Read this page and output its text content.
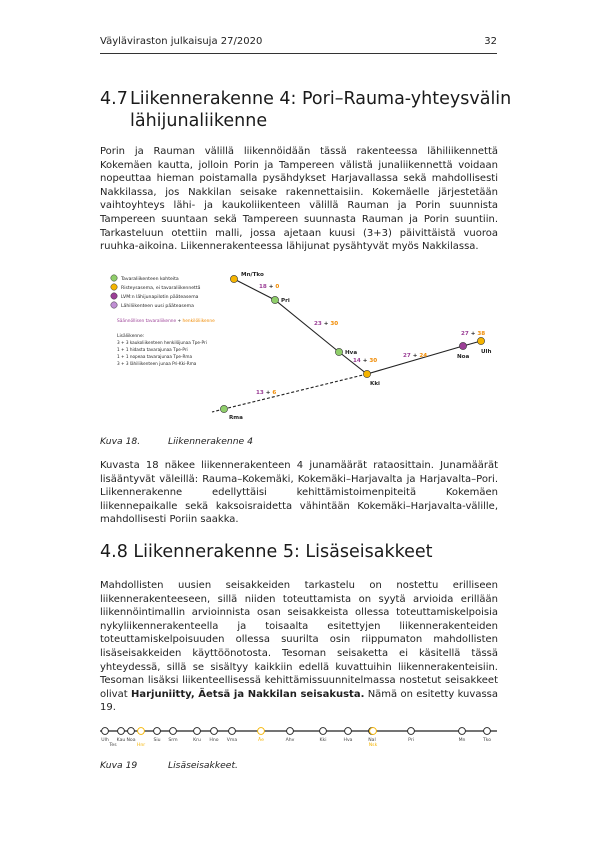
Väyläviraston julkaisuja 27/2020	32
4.7 Liikennerakenne 4: Pori–Rauma-yhteysvälin
lähijunaliikenne
Porin ja Rauman välillä liikennöidään tässä rakenteessa lähiliikennettä Kokemäen kautta, jolloin Porin ja Tampereen välistä junaliikennettä voidaan nopeuttaa hieman poistamalla pysähdykset Harjavallassa sekä mahdollisesti Nakkilassa, jos Nakkilan seisake rakennettaisiin. Kokemäelle järjestetään vaihtoyhteys lähi- ja kaukoliikenteen välillä Rauman ja Porin suunnista Tampereen suuntaan sekä Tampereen suunnasta Rauman ja Porin suuntiin. Tarkasteluun otettiin malli, jossa ajetaan kuusi (3+3) päivittäistä vuoroa ruuhka-aikoina. Liikennerakenteessa lähijunat pysähtyvät myös Nakkilassa.
Tavaraliikenteen kohteita
Risteysasema, ei tavaraliikennettä
LVM:n lähijunapilotin pääteasema
Lähiliikenteen uusi pääteasema
Säännöllisen tavaraliikenne + henkilöliikenne
Lisäliikenne:
3 + 3 kaukoliikenteen henkilöjunaa Tpe-Pri
1 + 1 hidasta tavarajunaa Tpe-Pri
1 + 1 nopeaa tavarajunaa Tpe-Rma
3 + 3 lähiliikenteen junaa Pri-Kki-Rma
Mn/Tko
Pri
Hva
Kki
Noa
Ulh
Rma
18 + 0
23 + 30
14 + 30
27 + 24
27 + 38
13 + 6
Kuva 18.	Liikennerakenne 4
Kuvasta 18 näkee liikennerakenteen 4 junamäärät rataosittain. Junamäärät lisääntyvät väleillä: Rauma–Kokemäki, Kokemäki–Harjavalta ja Harjavalta–Pori. Liikennerakenne edellyttäisi kehittämistoimenpiteitä Kokemäen liikennepaikalle sekä kaksoisraidetta vähintään Kokemäki–Harjavalta-välille, mahdollisesti Poriin saakka.
4.8 Liikennerakenne 5: Lisäseisakkeet
Mahdollisten uusien seisakkeiden tarkastelu on nostettu erilliseen liikennerakenteeseen, sillä niiden toteuttamista on syytä arvioida erillään liikennöintimallin arvioinnista osan seisakkeista ollessa toteuttamiskelpoisia nykyliikennerakenteella ja toisaalta esitettyjen liikennerakenteiden toteuttamiskelpoisuuden ollessa suurilta osin riippumaton mahdollisten lisäseisakkeiden käyttöönotosta. Tesoman seisaketta ei käsitellä tässä yhteydessä, sillä se sisältyy kaikkiin edellä kuvattuihin liikennerakenteisiin. Tesoman lisäksi liikenteellisessä kehittämissuunnitelmassa nostetut seisakkeet olivat Harjuniitty, Äetsä ja Nakkilan seisakusta. Nämä on esitetty kuvassa 19.
Ulh
Tes
Kau Noa
Hnr
Siu Srm	Kru Hno Vma	Äe	Ahv	Kki	Hva	Nal
Nsk
Pri	Mn	Tko
Kuva 19	Lisäseisakkeet.
